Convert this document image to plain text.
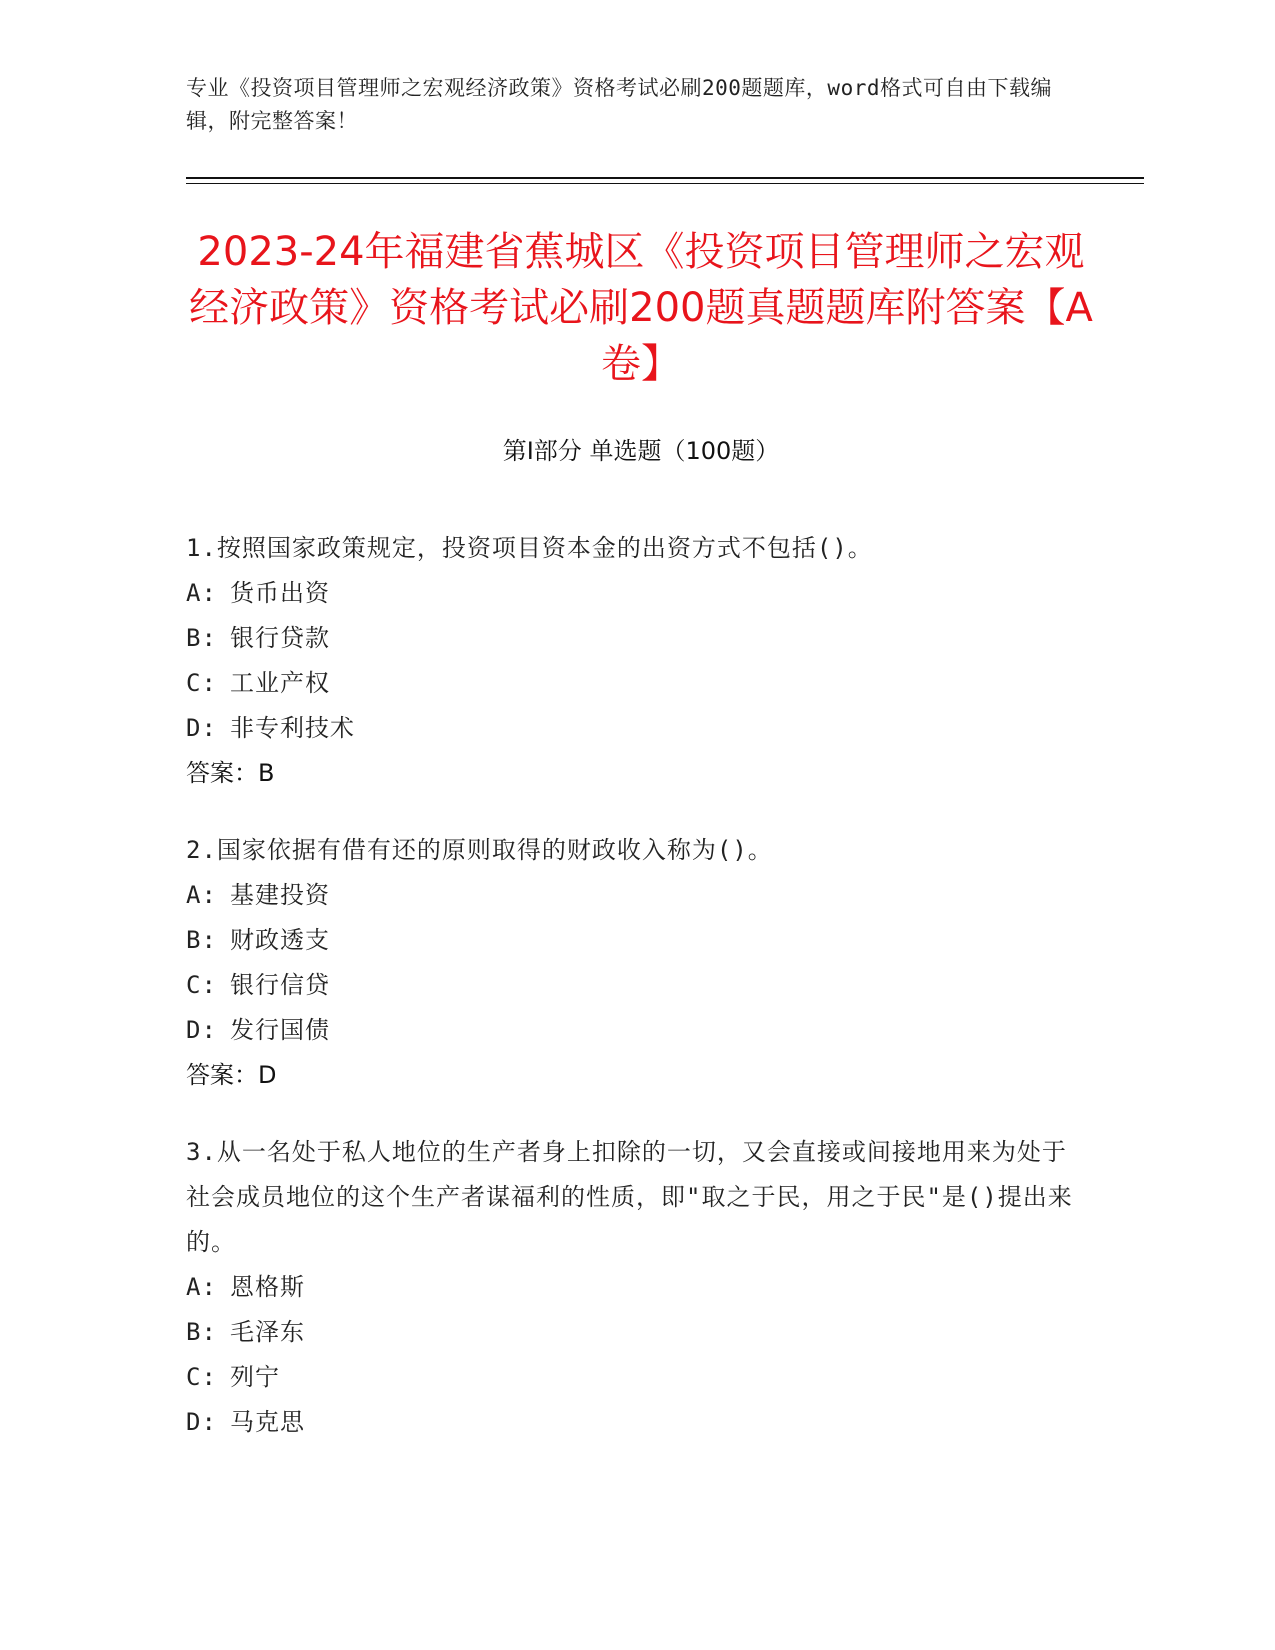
专业《投资项目管理师之宏观经济政策》资格考试必刷200题题库，word格式可自由下载编辑，附完整答案！
2023-24年福建省蕉城区《投资项目管理师之宏观经济政策》资格考试必刷200题真题题库附答案【A卷】
第Ⅰ部分 单选题（100题）

1.按照国家政策规定，投资项目资本金的出资方式不包括()。

A: 货币出资

B: 银行贷款

C: 工业产权

D: 非专利技术

答案：B

2.国家依据有借有还的原则取得的财政收入称为()。

A: 基建投资

B: 财政透支

C: 银行信贷

D: 发行国债

答案：D

3.从一名处于私人地位的生产者身上扣除的一切，又会直接或间接地用来为处于社会成员地位的这个生产者谋福利的性质，即"取之于民，用之于民"是()提出来的。

A: 恩格斯

B: 毛泽东

C: 列宁

D: 马克思
